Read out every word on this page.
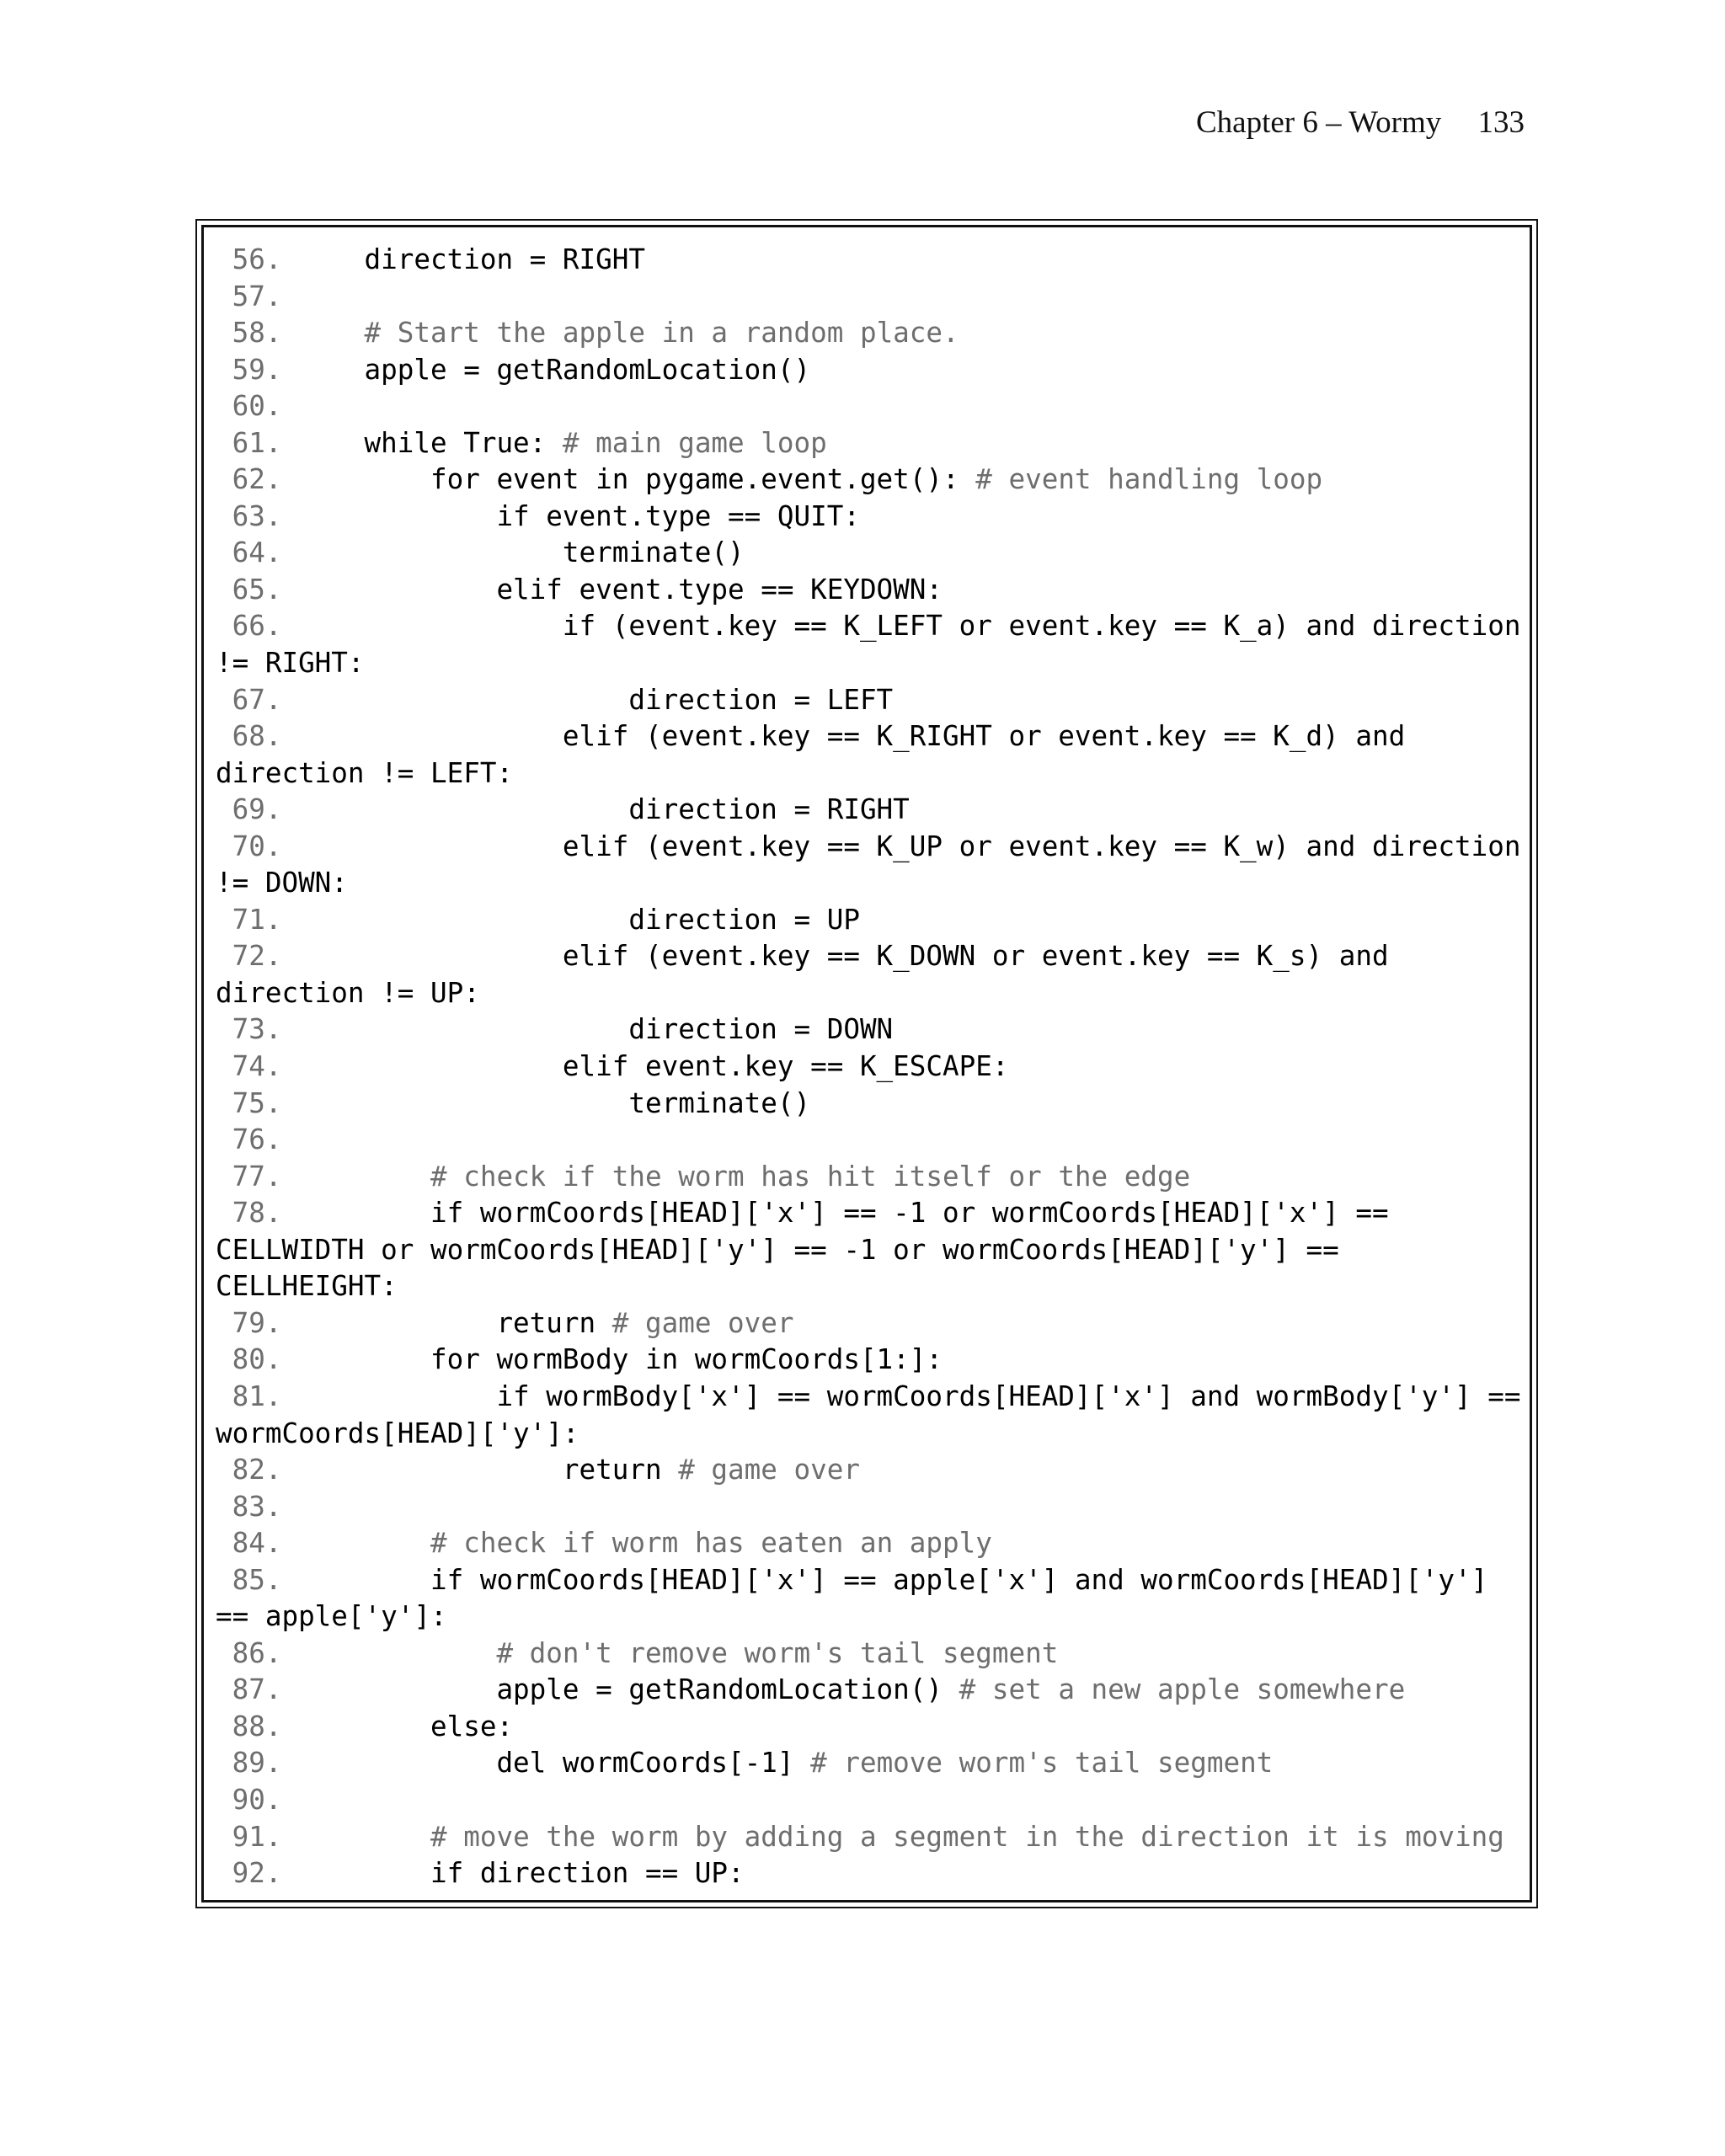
Chapter 6 – Wormy 133
56.     direction = RIGHT
57.
58.     # Start the apple in a random place.
59.     apple = getRandomLocation()
60.
61.     while True: # main game loop
62.         for event in pygame.event.get(): # event handling loop
63.             if event.type == QUIT:
64.                 terminate()
65.             elif event.type == KEYDOWN:
66.                 if (event.key == K_LEFT or event.key == K_a) and direction
!= RIGHT:
67.                     direction = LEFT
68.                 elif (event.key == K_RIGHT or event.key == K_d) and
direction != LEFT:
69.                     direction = RIGHT
70.                 elif (event.key == K_UP or event.key == K_w) and direction
!= DOWN:
71.                     direction = UP
72.                 elif (event.key == K_DOWN or event.key == K_s) and
direction != UP:
73.                     direction = DOWN
74.                 elif event.key == K_ESCAPE:
75.                     terminate()
76.
77.	# check if the worm has hit itself or the edge
78.         if wormCoords[HEAD]['x'] == -1 or wormCoords[HEAD]['x'] ==
CELLWIDTH or wormCoords[HEAD]['y'] == -1 or wormCoords[HEAD]['y'] ==
CELLHEIGHT:
79.             return # game over
80.         for wormBody in wormCoords[1:]:
81.             if wormBody['x'] == wormCoords[HEAD]['x'] and wormBody['y'] ==
wormCoords[HEAD]['y']:
82.                 return # game over
83.
84.	# check if worm has eaten an apply
85.         if wormCoords[HEAD]['x'] == apple['x'] and wormCoords[HEAD]['y']
== apple['y']:
86.	# don't remove worm's tail segment
87.             apple = getRandomLocation() # set a new apple somewhere
88.         else:
89.             del wormCoords[-1] # remove worm's tail segment
90.
91.	# move the worm by adding a segment in the direction it is moving
92.         if direction == UP:
